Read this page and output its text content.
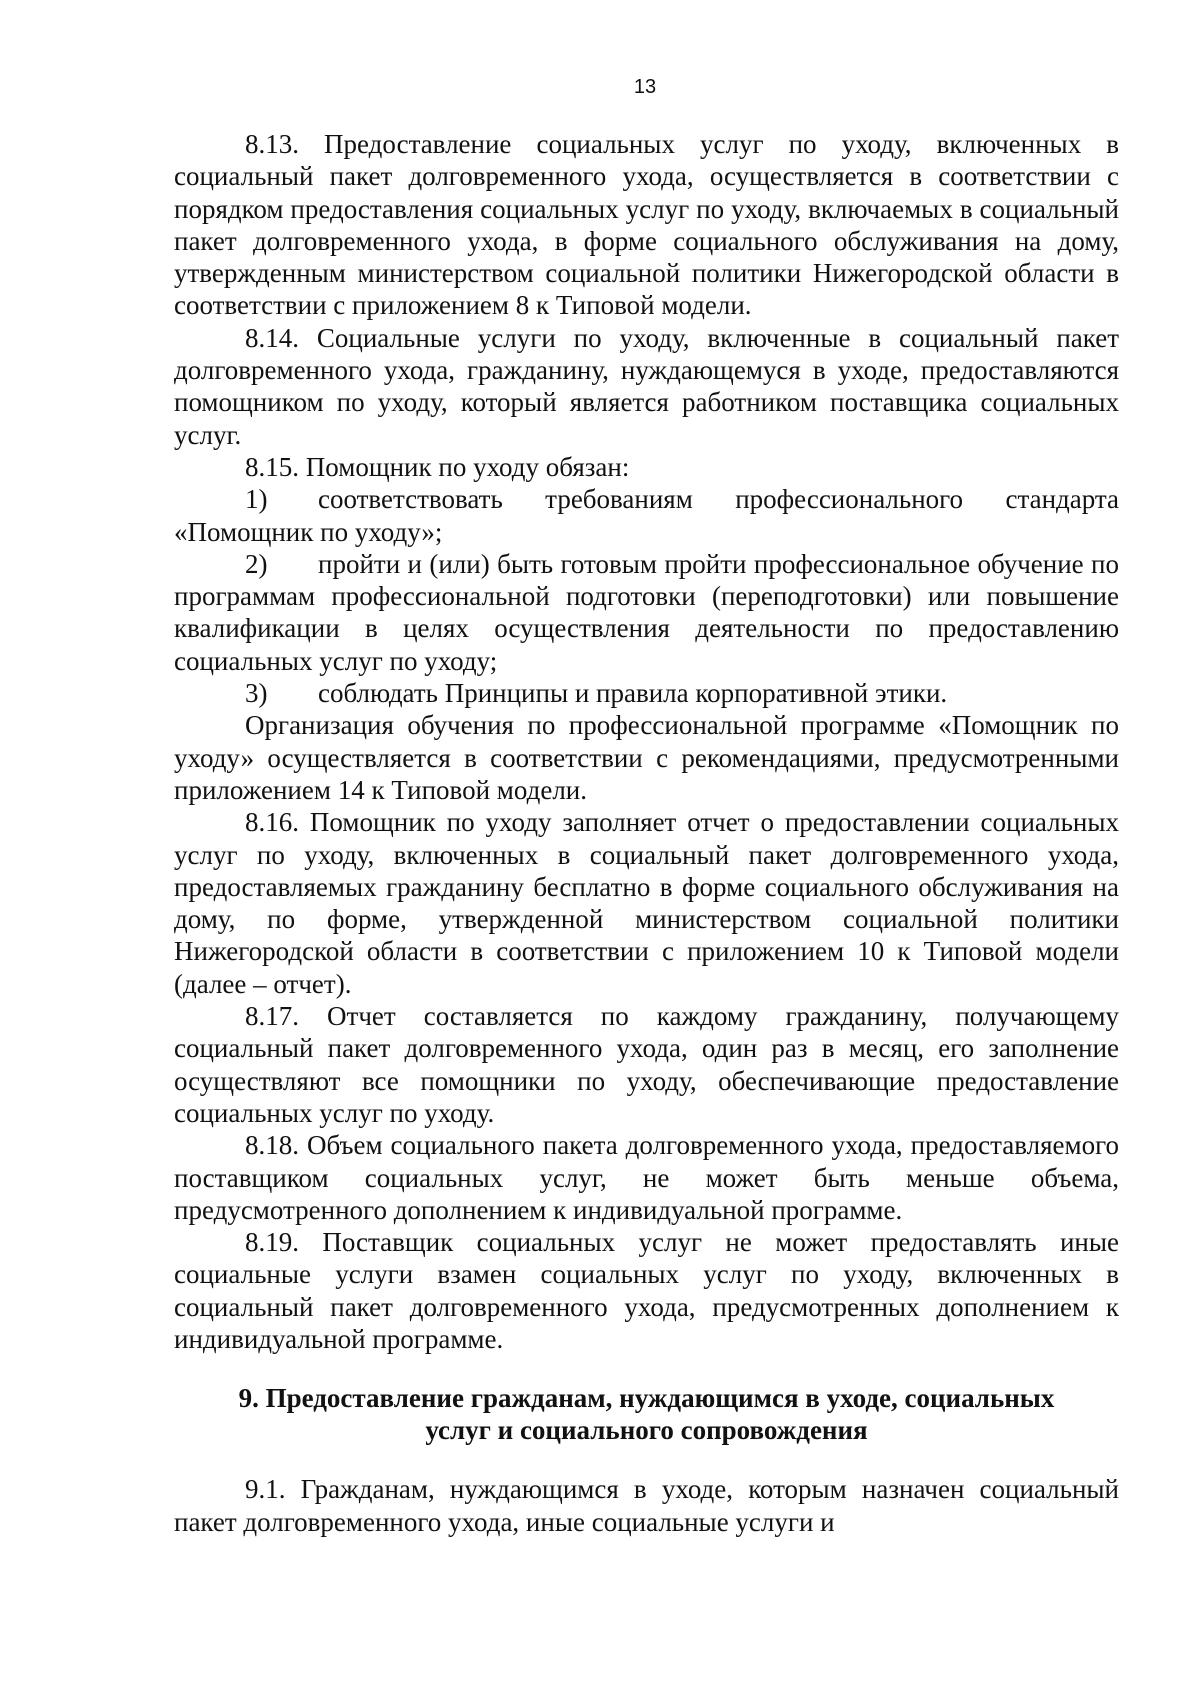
13

8.13. Предоставление социальных услуг по уходу, включенных в социальный пакет долговременного ухода, осуществляется в соответствии с порядком предоставления социальных услуг по уходу, включаемых в социальный пакет долговременного ухода, в форме социального обслуживания на дому, утвержденным министерством социальной политики Нижегородской области в соответствии с приложением 8 к Типовой модели.

8.14. Социальные услуги по уходу, включенные в социальный пакет долговременного ухода, гражданину, нуждающемуся в уходе, предоставляются помощником по уходу, который является работником поставщика социальных услуг.

8.15. Помощник по уходу обязан:

1) соответствовать требованиям профессионального стандарта «Помощник по уходу»;

2) пройти и (или) быть готовым пройти профессиональное обучение по программам профессиональной подготовки (переподготовки) или повышение квалификации в целях осуществления деятельности по предоставлению социальных услуг по уходу;

3) соблюдать Принципы и правила корпоративной этики.

Организация обучения по профессиональной программе «Помощник по уходу» осуществляется в соответствии с рекомендациями, предусмотренными приложением 14 к Типовой модели.

8.16. Помощник по уходу заполняет отчет о предоставлении социальных услуг по уходу, включенных в социальный пакет долговременного ухода, предоставляемых гражданину бесплатно в форме социального обслуживания на дому, по форме, утвержденной министерством социальной политики Нижегородской области в соответствии с приложением 10 к Типовой модели (далее – отчет).

8.17. Отчет составляется по каждому гражданину, получающему социальный пакет долговременного ухода, один раз в месяц, его заполнение осуществляют все помощники по уходу, обеспечивающие предоставление социальных услуг по уходу.

8.18. Объем социального пакета долговременного ухода, предоставляемого поставщиком социальных услуг, не может быть меньше объема, предусмотренного дополнением к индивидуальной программе.

8.19. Поставщик социальных услуг не может предоставлять иные социальные услуги взамен социальных услуг по уходу, включенных в социальный пакет долговременного ухода, предусмотренных дополнением к индивидуальной программе.

9. Предоставление гражданам, нуждающимся в уходе, социальных
услуг и социального сопровождения

9.1. Гражданам, нуждающимся в уходе, которым назначен социальный пакет долговременного ухода, иные социальные услуги и
